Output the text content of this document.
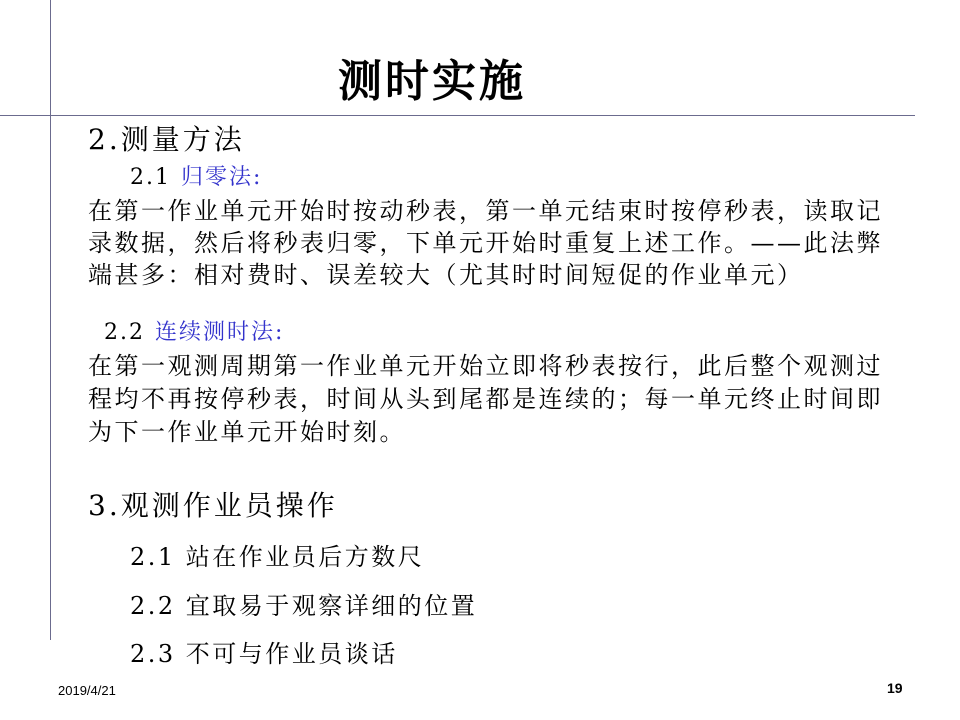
测时实施
2.测量方法
2.1 归零法:
在第一作业单元开始时按动秒表，第一单元结束时按停秒表，读取记
录数据，然后将秒表归零，下单元开始时重复上述工作。——此法弊
端甚多：相对费时、误差较大（尤其时时间短促的作业单元）
2.2 连续测时法:
在第一观测周期第一作业单元开始立即将秒表按行，此后整个观测过
程均不再按停秒表，时间从头到尾都是连续的；每一单元终止时间即
为下一作业单元开始时刻。
3.观测作业员操作
2.1 站在作业员后方数尺
2.2 宜取易于观察详细的位置
2.3 不可与作业员谈话
2019/4/21	19
